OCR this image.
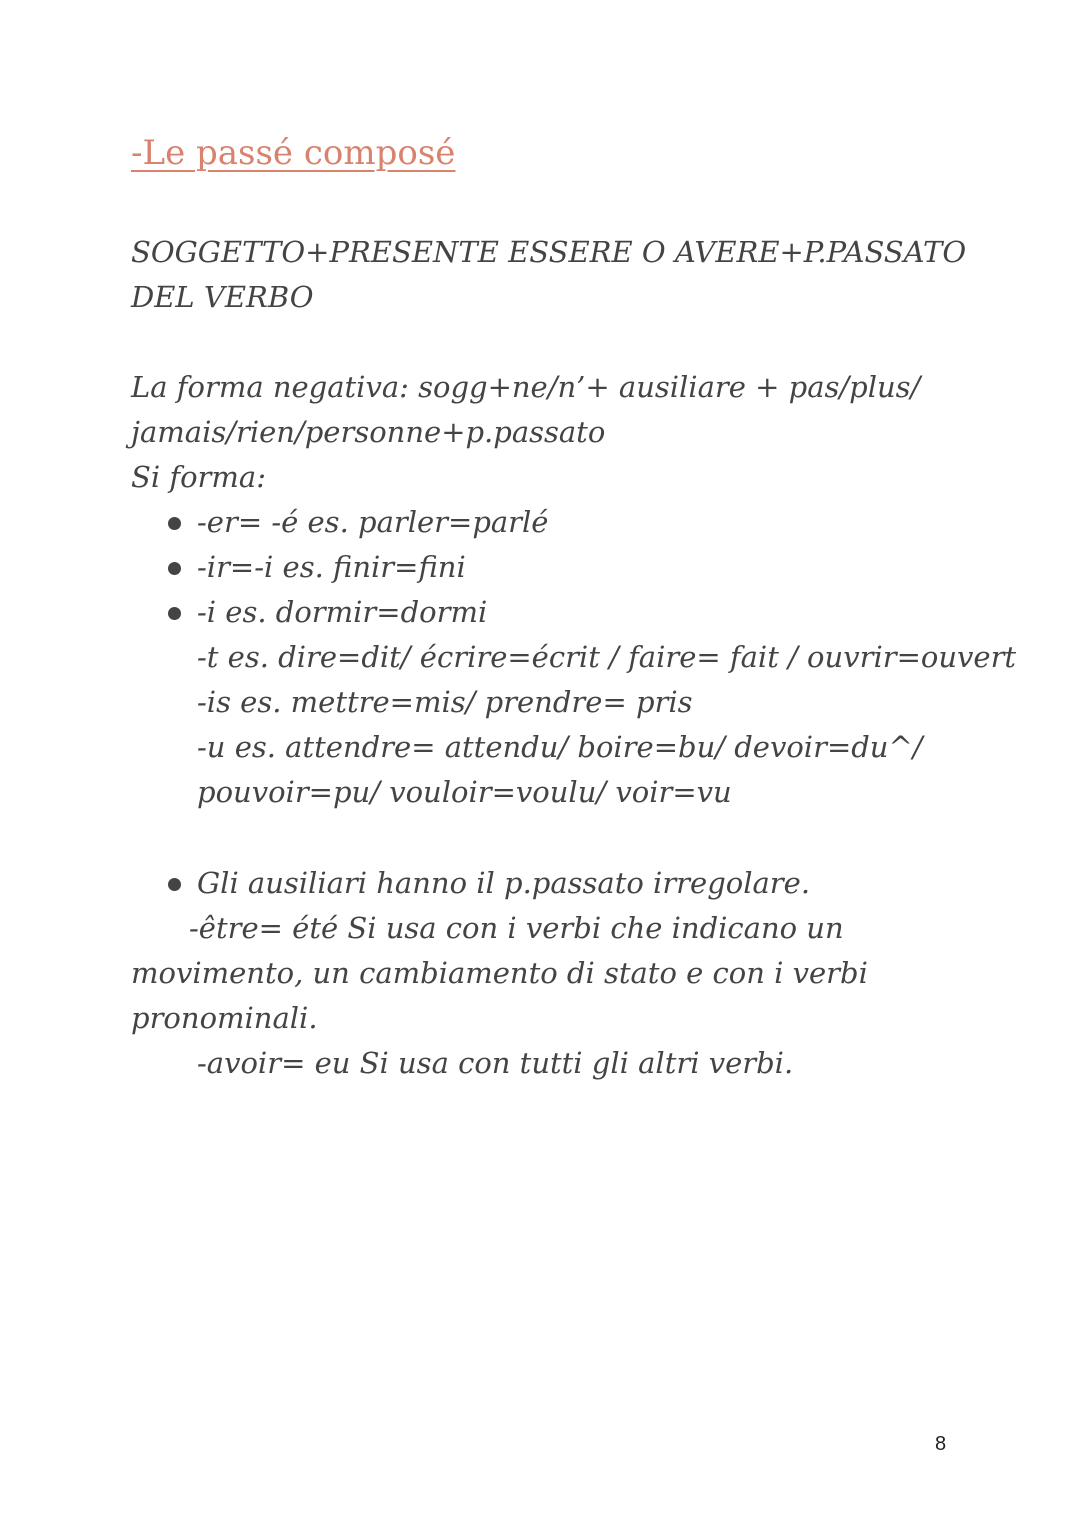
-Le passé composé
SOGGETTO+PRESENTE ESSERE O AVERE+P.PASSATO
DEL VERBO
La forma negativa: sogg+ne/n’+ ausiliare + pas/plus/
jamais/rien/personne+p.passato
Si forma:
-er= -é es. parler=parlé
-ir=-i es. finir=fini
-i es. dormir=dormi
-t es. dire=dit/ écrire=écrit / faire= fait / ouvrir=ouvert
-is es. mettre=mis/ prendre= pris
-u es. attendre= attendu/ boire=bu/ devoir=du^/
pouvoir=pu/ vouloir=voulu/ voir=vu
Gli ausiliari hanno il p.passato irregolare.
-être= été Si usa con i verbi che indicano un
movimento, un cambiamento di stato e con i verbi
pronominali.
-avoir= eu Si usa con tutti gli altri verbi.
8
